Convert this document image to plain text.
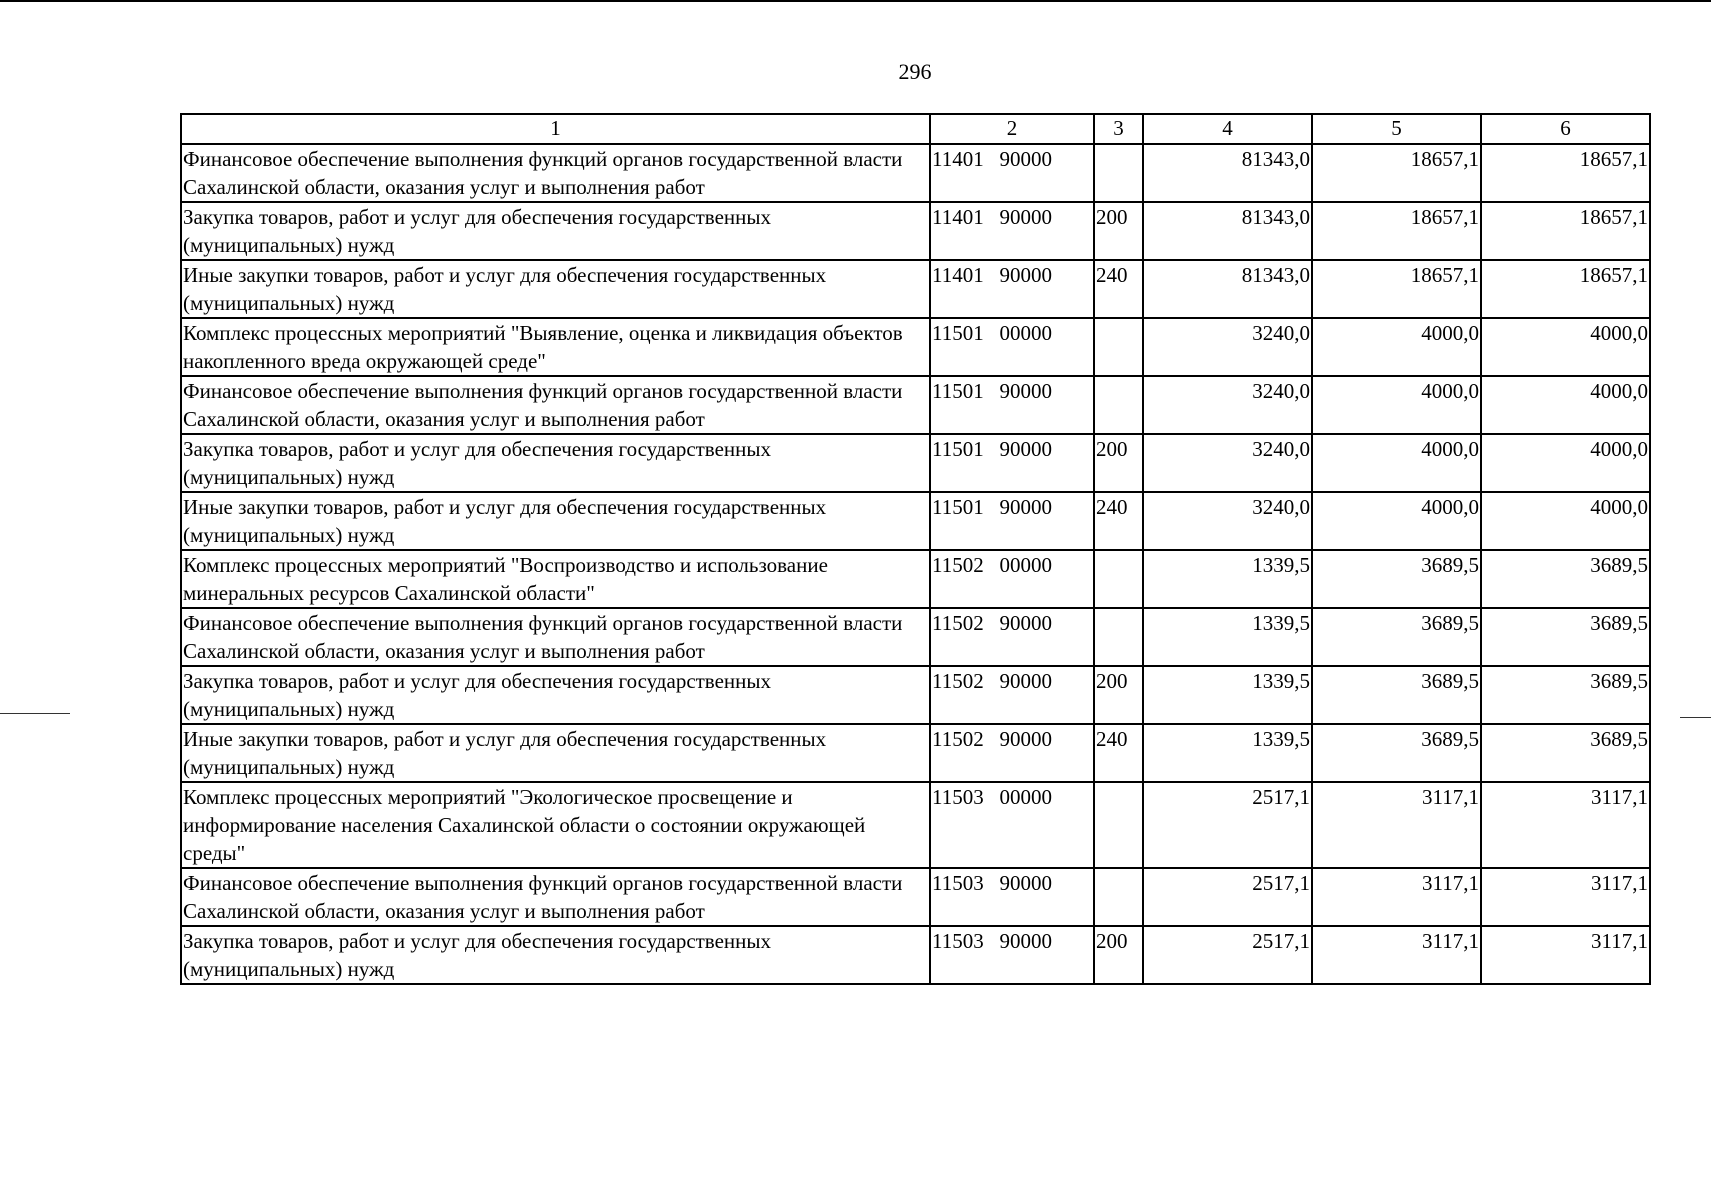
296
1	2	3	4	5	6
Финансовое обеспечение выполнения функций органов государственной власти Сахалинской области, оказания услуг и выполнения работ	11401   90000		81343,0	18657,1	18657,1
Закупка товаров, работ и услуг для обеспечения государственных (муниципальных) нужд	11401   90000	200	81343,0	18657,1	18657,1
Иные закупки товаров, работ и услуг для обеспечения государственных (муниципальных) нужд	11401   90000	240	81343,0	18657,1	18657,1
Комплекс процессных мероприятий "Выявление, оценка и ликвидация объектов накопленного вреда окружающей среде"	11501   00000		3240,0	4000,0	4000,0
Финансовое обеспечение выполнения функций органов государственной власти Сахалинской области, оказания услуг и выполнения работ	11501   90000		3240,0	4000,0	4000,0
Закупка товаров, работ и услуг для обеспечения государственных (муниципальных) нужд	11501   90000	200	3240,0	4000,0	4000,0
Иные закупки товаров, работ и услуг для обеспечения государственных (муниципальных) нужд	11501   90000	240	3240,0	4000,0	4000,0
Комплекс процессных мероприятий "Воспроизводство и использование минеральных ресурсов Сахалинской области"	11502   00000		1339,5	3689,5	3689,5
Финансовое обеспечение выполнения функций органов государственной власти Сахалинской области, оказания услуг и выполнения работ	11502   90000		1339,5	3689,5	3689,5
Закупка товаров, работ и услуг для обеспечения государственных (муниципальных) нужд	11502   90000	200	1339,5	3689,5	3689,5
Иные закупки товаров, работ и услуг для обеспечения государственных (муниципальных) нужд	11502   90000	240	1339,5	3689,5	3689,5
Комплекс процессных мероприятий "Экологическое просвещение и информирование населения Сахалинской области о состоянии окружающей среды"	11503   00000		2517,1	3117,1	3117,1
Финансовое обеспечение выполнения функций органов государственной власти Сахалинской области, оказания услуг и выполнения работ	11503   90000		2517,1	3117,1	3117,1
Закупка товаров, работ и услуг для обеспечения государственных (муниципальных) нужд	11503   90000	200	2517,1	3117,1	3117,1
